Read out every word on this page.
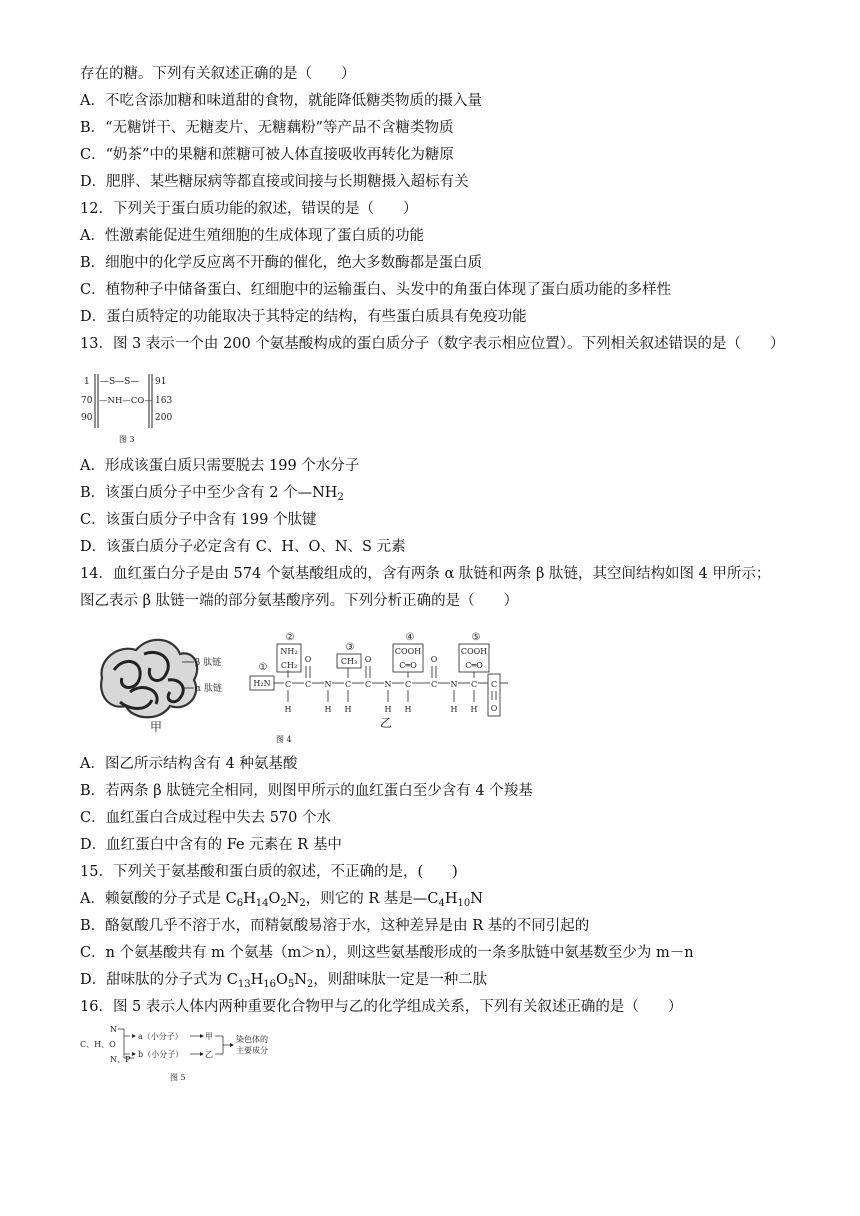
存在的糖。下列有关叙述正确的是（　　）
A．不吃含添加糖和味道甜的食物，就能降低糖类物质的摄入量
B．“无糖饼干、无糖麦片、无糖藕粉”等产品不含糖类物质
C．“奶茶”中的果糖和蔗糖可被人体直接吸收再转化为糖原
D．肥胖、某些糖尿病等都直接或间接与长期糖摄入超标有关
12．下列关于蛋白质功能的叙述，错误的是（　　）
A．性激素能促进生殖细胞的生成体现了蛋白质的功能
B．细胞中的化学反应离不开酶的催化，绝大多数酶都是蛋白质
C．植物种子中储备蛋白、红细胞中的运输蛋白、头发中的角蛋白体现了蛋白质功能的多样性
D．蛋白质特定的功能取决于其特定的结构，有些蛋白质具有免疫功能
13．图 3 表示一个由 200 个氨基酸构成的蛋白质分子（数字表示相应位置）。下列相关叙述错误的是（　　）
1
70
90
91
163
200
—S—S—
—NH—CO—
图 3
A．形成该蛋白质只需要脱去 199 个水分子
B．该蛋白质分子中至少含有 2 个$—NH_2$
C．该蛋白质分子中含有 199 个肽键
D．该蛋白质分子必定含有 C、H、O、N、S 元素
14．血红蛋白分子是由 574 个氨基酸组成的，含有两条 α 肽链和两条 β 肽链，其空间结构如图 4 甲所示；
图乙表示 β 肽链一端的部分氨基酸序列。下列分析正确的是（　　）
β 肽链
α 肽链
甲
①
H₂N C
H
②
NH₂
CH₂
C
O
N
H
C
H
③
CH₃
C
O
N
H
C
H
④
COOH
C═O
C
O
N
H
C
H
⑤
COOH
C═O
C
O
乙
图 4
A．图乙所示结构含有 4 种氨基酸
B．若两条 β 肽链完全相同，则图甲所示的血红蛋白至少含有 4 个羧基
C．血红蛋白合成过程中失去 570 个水
D．血红蛋白中含有的 Fe 元素在 R 基中
15．下列关于氨基酸和蛋白质的叙述，不正确的是，(　　)
A．赖氨酸的分子式是 $C_6H_{14}O_2N_2$，则它的 R 基是$—C_4H_{10}N$
B．酪氨酸几乎不溶于水，而精氨酸易溶于水，这种差异是由 R 基的不同引起的
C．n 个氨基酸共有 m 个氨基（m＞n），则这些氨基酸形成的一条多肽链中氨基数至少为 m－n
D．甜味肽的分子式为 $C_{13}H_{16}O_5N_2$，则甜味肽一定是一种二肽
16．图 5 表示人体内两种重要化合物甲与乙的化学组成关系，下列有关叙述正确的是（　　）
N
C、H、O
N、P
a（小分子）
b（小分子）
甲
乙
染色体的
主要成分
图 5
